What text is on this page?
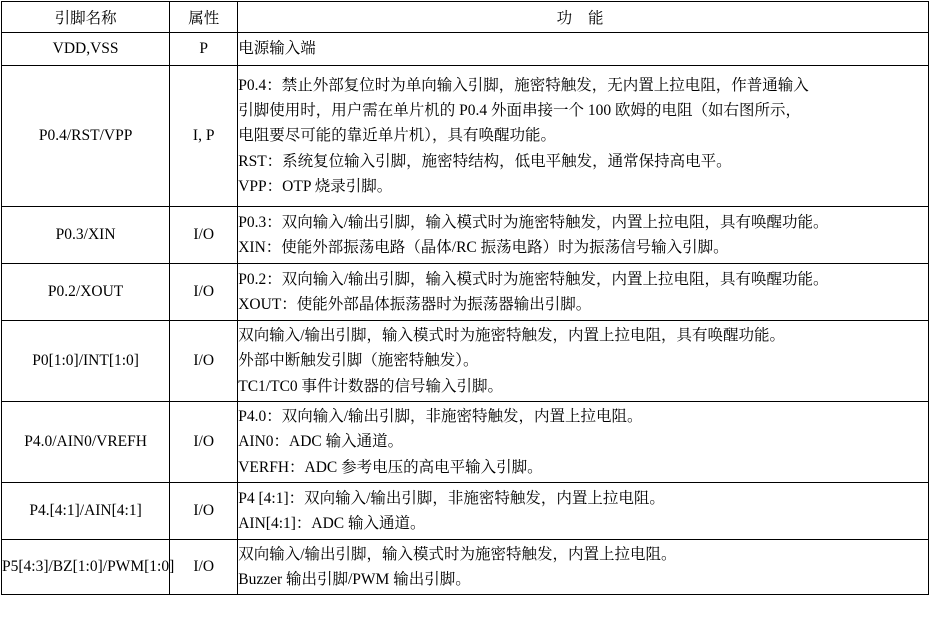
引脚名称	属性	功 能
VDD,VSS	P	电源输入端

P0.4/RST/VPP	I, P	P0.4：禁止外部复位时为单向输入引脚，施密特触发，无内置上拉电阻，作普通输入
引脚使用时，用户需在单片机的 P0.4 外面串接一个 100 欧姆的电阻（如右图所示，
电阻要尽可能的靠近单片机），具有唤醒功能。
RST：系统复位输入引脚，施密特结构，低电平触发，通常保持高电平。
VPP：OTP 烧录引脚。

P0.3/XIN	I/O	P0.3：双向输入/输出引脚，输入模式时为施密特触发，内置上拉电阻，具有唤醒功能。
XIN：使能外部振荡电路（晶体/RC 振荡电路）时为振荡信号输入引脚。

P0.2/XOUT	I/O	P0.2：双向输入/输出引脚，输入模式时为施密特触发，内置上拉电阻，具有唤醒功能。
XOUT：使能外部晶体振荡器时为振荡器输出引脚。

P0[1:0]/INT[1:0]	I/O	双向输入/输出引脚，输入模式时为施密特触发，内置上拉电阻，具有唤醒功能。
外部中断触发引脚（施密特触发）。
TC1/TC0 事件计数器的信号输入引脚。

P4.0/AIN0/VREFH	I/O	P4.0：双向输入/输出引脚，非施密特触发，内置上拉电阻。
AIN0：ADC 输入通道。
VERFH：ADC 参考电压的高电平输入引脚。

P4.[4:1]/AIN[4:1]	I/O	P4 [4:1]：双向输入/输出引脚，非施密特触发，内置上拉电阻。
AIN[4:1]：ADC 输入通道。

P5[4:3]/BZ[1:0]/PWM[1:0]	I/O	双向输入/输出引脚，输入模式时为施密特触发，内置上拉电阻。
Buzzer 输出引脚/PWM 输出引脚。
